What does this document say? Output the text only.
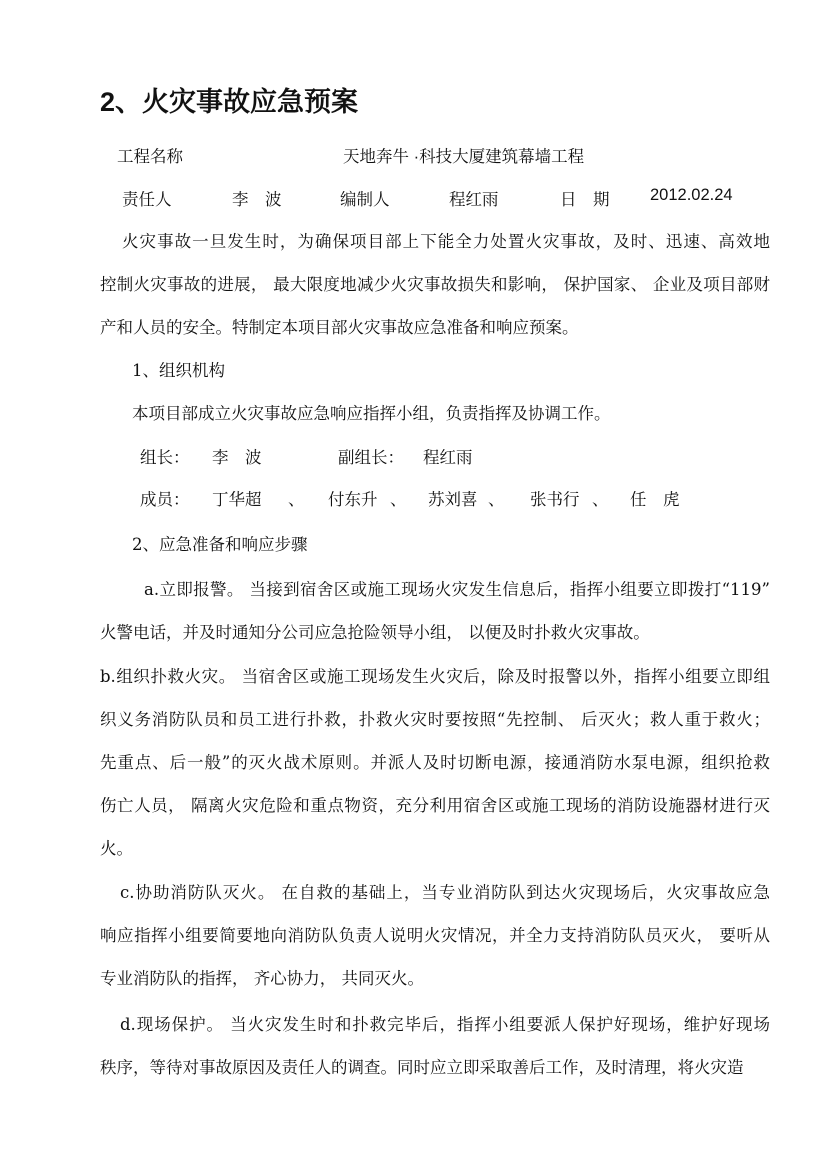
2、火灾事故应急预案
工程名称	天地奔牛 ·科技大厦建筑幕墙工程
责任人	李　波	编制人	程红雨	日　期 2012.02.24
火灾事故一旦发生时，为确保项目部上下能全力处置火灾事故，及时、迅速、高效地
控制火灾事故的进展， 最大限度地减少火灾事故损失和影响， 保护国家、 企业及项目部财
产和人员的安全。特制定本项目部火灾事故应急准备和响应预案。
a.立即报警。 当接到宿舍区或施工现场火灾发生信息后，指挥小组要立即拨打“119”
火警电话，并及时通知分公司应急抢险领导小组， 以便及时扑救火灾事故。
b.组织扑救火灾。 当宿舍区或施工现场发生火灾后，除及时报警以外，指挥小组要立即组
织义务消防队员和员工进行扑救，扑救火灾时要按照“先控制、 后灭火；救人重于救火；
先重点、后一般”的灭火战术原则。并派人及时切断电源，接通消防水泵电源，组织抢救
伤亡人员， 隔离火灾危险和重点物资，充分利用宿舍区或施工现场的消防设施器材进行灭
火。
c.协助消防队灭火。 在自救的基础上，当专业消防队到达火灾现场后，火灾事故应急
响应指挥小组要简要地向消防队负责人说明火灾情况，并全力支持消防队员灭火， 要听从
专业消防队的指挥， 齐心协力， 共同灭火。
d.现场保护。 当火灾发生时和扑救完毕后，指挥小组要派人保护好现场，维护好现场
秩序，等待对事故原因及责任人的调查。同时应立即采取善后工作，及时清理，将火灾造
1、组织机构
本项目部成立火灾事故应急响应指挥小组，负责指挥及协调工作。
组长： 李　波	副组长： 程红雨
成员： 丁华超 、 付东升 、 苏刘喜 、 张书行 、 任　虎
2、应急准备和响应步骤
